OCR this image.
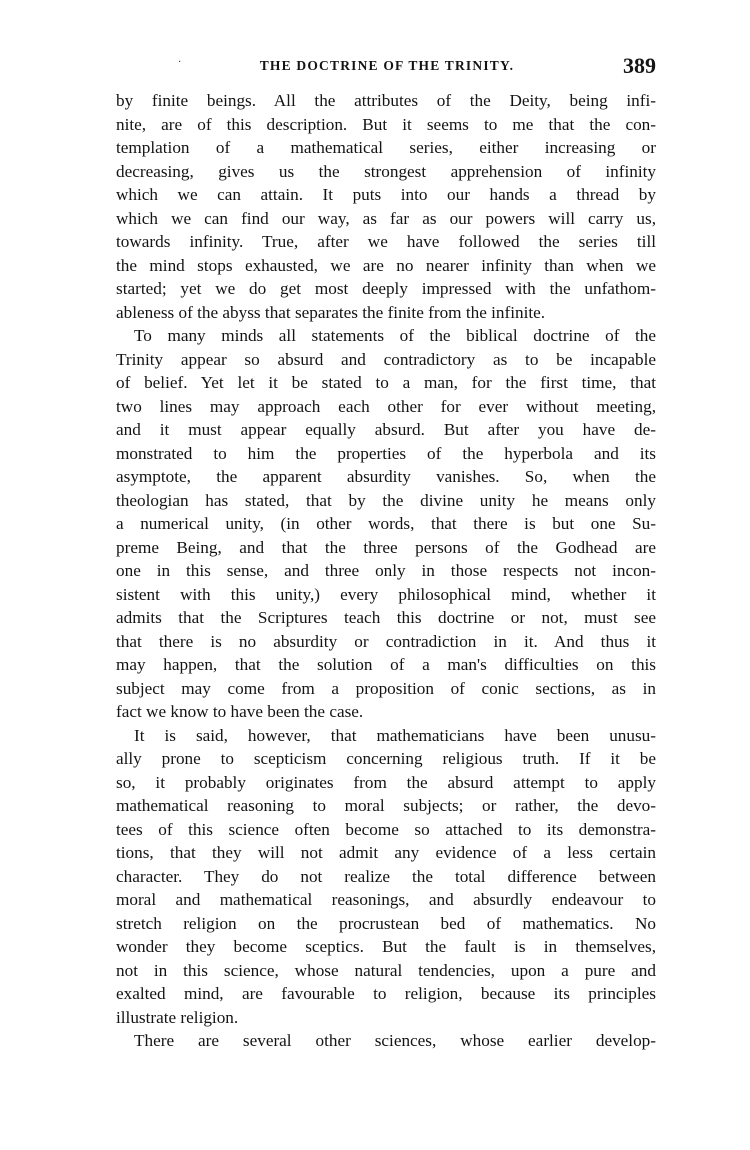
·	THE DOCTRINE OF THE TRINITY.	389
by finite beings. All the attributes of the Deity, being infi-
nite, are of this description. But it seems to me that the con-
templation of a mathematical series, either increasing or
decreasing, gives us the strongest apprehension of infinity
which we can attain. It puts into our hands a thread by
which we can find our way, as far as our powers will carry us,
towards infinity. True, after we have followed the series till
the mind stops exhausted, we are no nearer infinity than when we
started; yet we do get most deeply impressed with the unfathom-
ableness of the abyss that separates the finite from the infinite.
To many minds all statements of the biblical doctrine of the
Trinity appear so absurd and contradictory as to be incapable
of belief. Yet let it be stated to a man, for the first time, that
two lines may approach each other for ever without meeting,
and it must appear equally absurd. But after you have de-
monstrated to him the properties of the hyperbola and its
asymptote, the apparent absurdity vanishes. So, when the
theologian has stated, that by the divine unity he means only
a numerical unity, (in other words, that there is but one Su-
preme Being, and that the three persons of the Godhead are
one in this sense, and three only in those respects not incon-
sistent with this unity,) every philosophical mind, whether it
admits that the Scriptures teach this doctrine or not, must see
that there is no absurdity or contradiction in it. And thus it
may happen, that the solution of a man's difficulties on this
subject may come from a proposition of conic sections, as in
fact we know to have been the case.
It is said, however, that mathematicians have been unusu-
ally prone to scepticism concerning religious truth. If it be
so, it probably originates from the absurd attempt to apply
mathematical reasoning to moral subjects; or rather, the devo-
tees of this science often become so attached to its demonstra-
tions, that they will not admit any evidence of a less certain
character. They do not realize the total difference between
moral and mathematical reasonings, and absurdly endeavour to
stretch religion on the procrustean bed of mathematics. No
wonder they become sceptics. But the fault is in themselves,
not in this science, whose natural tendencies, upon a pure and
exalted mind, are favourable to religion, because its principles
illustrate religion.
There are several other sciences, whose earlier develop-
